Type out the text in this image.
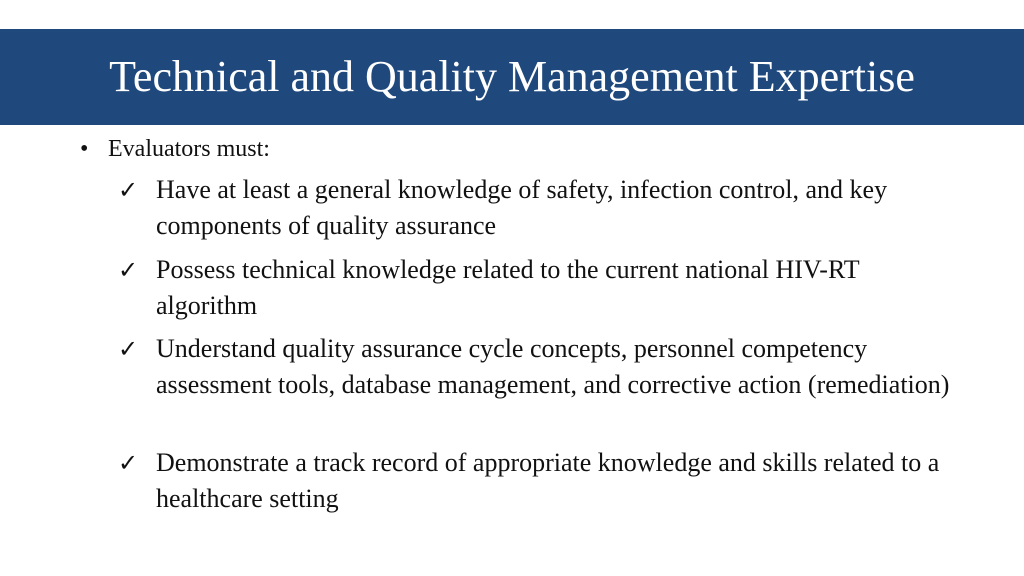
Technical and Quality Management Expertise
• Evaluators must:
✓ Have at least a general knowledge of safety, infection control, and key components of quality assurance
✓ Possess technical knowledge related to the current national HIV-RT algorithm
✓ Understand quality assurance cycle concepts, personnel competency assessment tools, database management, and corrective action (remediation)
✓ Demonstrate a track record of appropriate knowledge and skills related to a healthcare setting
